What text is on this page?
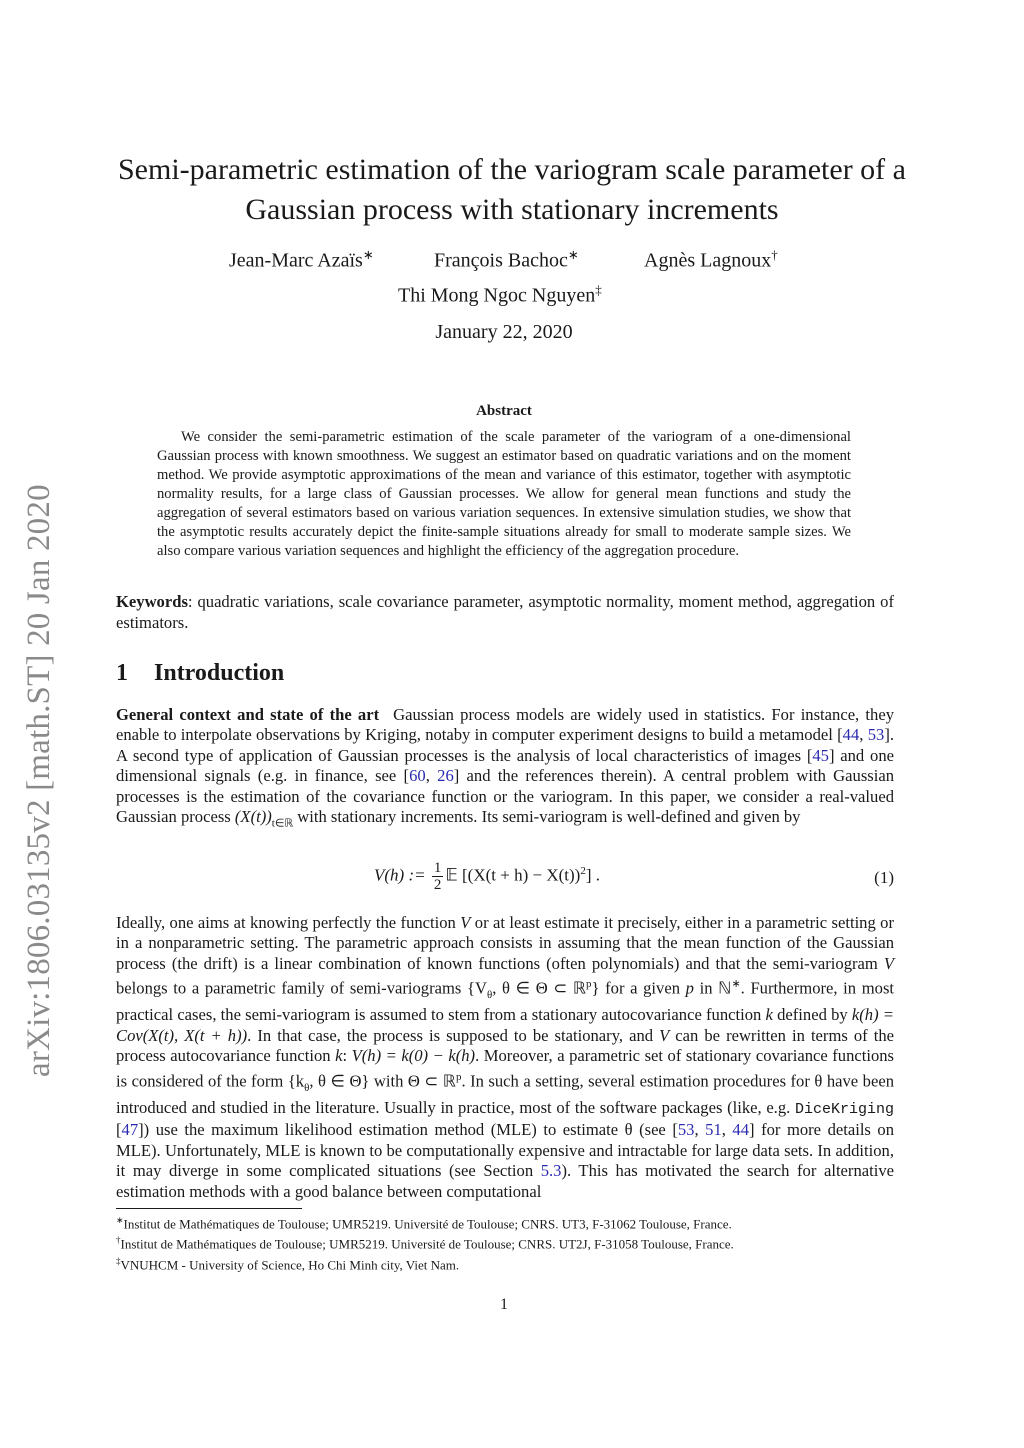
arXiv:1806.03135v2 [math.ST] 20 Jan 2020
Semi-parametric estimation of the variogram scale parameter of a Gaussian process with stationary increments
Jean-Marc Azaïs∗	François Bachoc∗	Agnès Lagnoux†
Thi Mong Ngoc Nguyen‡
January 22, 2020
Abstract
We consider the semi-parametric estimation of the scale parameter of the variogram of a one-dimensional Gaussian process with known smoothness. We suggest an estimator based on quadratic variations and on the moment method. We provide asymptotic approximations of the mean and variance of this estimator, together with asymptotic normality results, for a large class of Gaussian processes. We allow for general mean functions and study the aggregation of several estimators based on various variation sequences. In extensive simulation studies, we show that the asymptotic results accurately depict the finite-sample situations already for small to moderate sample sizes. We also compare various variation sequences and highlight the efficiency of the aggregation procedure.
Keywords: quadratic variations, scale covariance parameter, asymptotic normality, moment method, aggregation of estimators.
1 Introduction
General context and state of the art Gaussian process models are widely used in statistics. For instance, they enable to interpolate observations by Kriging, notaby in computer experiment designs to build a metamodel [44, 53]. A second type of application of Gaussian processes is the analysis of local characteristics of images [45] and one dimensional signals (e.g. in finance, see [60, 26] and the references therein). A central problem with Gaussian processes is the estimation of the covariance function or the variogram. In this paper, we consider a real-valued Gaussian process $(X(t))_{t\in ℝ}$ with stationary increments. Its semi-variogram is well-defined and given by
V(h) := $\frac{1}{2}$ 𝔼 $[(X(t + h) - X(t))^2]$ .	(1)
Ideally, one aims at knowing perfectly the function V or at least estimate it precisely, either in a parametric setting or in a nonparametric setting. The parametric approach consists in assuming that the mean function of the Gaussian process (the drift) is a linear combination of known functions (often polynomials) and that the semi-variogram V belongs to a parametric family of semi-variograms {$V_\theta$, θ ∈ Θ ⊂ ℝ$^p$} for a given p in ℕ∗. Furthermore, in most practical cases, the semi-variogram is assumed to stem from a stationary autocovariance function k defined by k(h) = Cov(X(t), X(t + h)). In that case, the process is supposed to be stationary, and V can be rewritten in terms of the process autocovariance function k: V(h) = k(0) − k(h). Moreover, a parametric set of stationary covariance functions is considered of the form {$k_\theta$, θ ∈ Θ} with Θ ⊂ ℝ$^p$. In such a setting, several estimation procedures for θ have been introduced and studied in the literature. Usually in practice, most of the software packages (like, e.g. DiceKriging [47]) use the maximum likelihood estimation method (MLE) to estimate θ (see [53, 51, 44] for more details on MLE). Unfortunately, MLE is known to be computationally expensive and intractable for large data sets. In addition, it may diverge in some complicated situations (see Section 5.3). This has motivated the search for alternative estimation methods with a good balance between computational
∗Institut de Mathématiques de Toulouse; UMR5219. Université de Toulouse; CNRS. UT3, F-31062 Toulouse, France.
†Institut de Mathématiques de Toulouse; UMR5219. Université de Toulouse; CNRS. UT2J, F-31058 Toulouse, France.
‡VNUHCM - University of Science, Ho Chi Minh city, Viet Nam.
1
